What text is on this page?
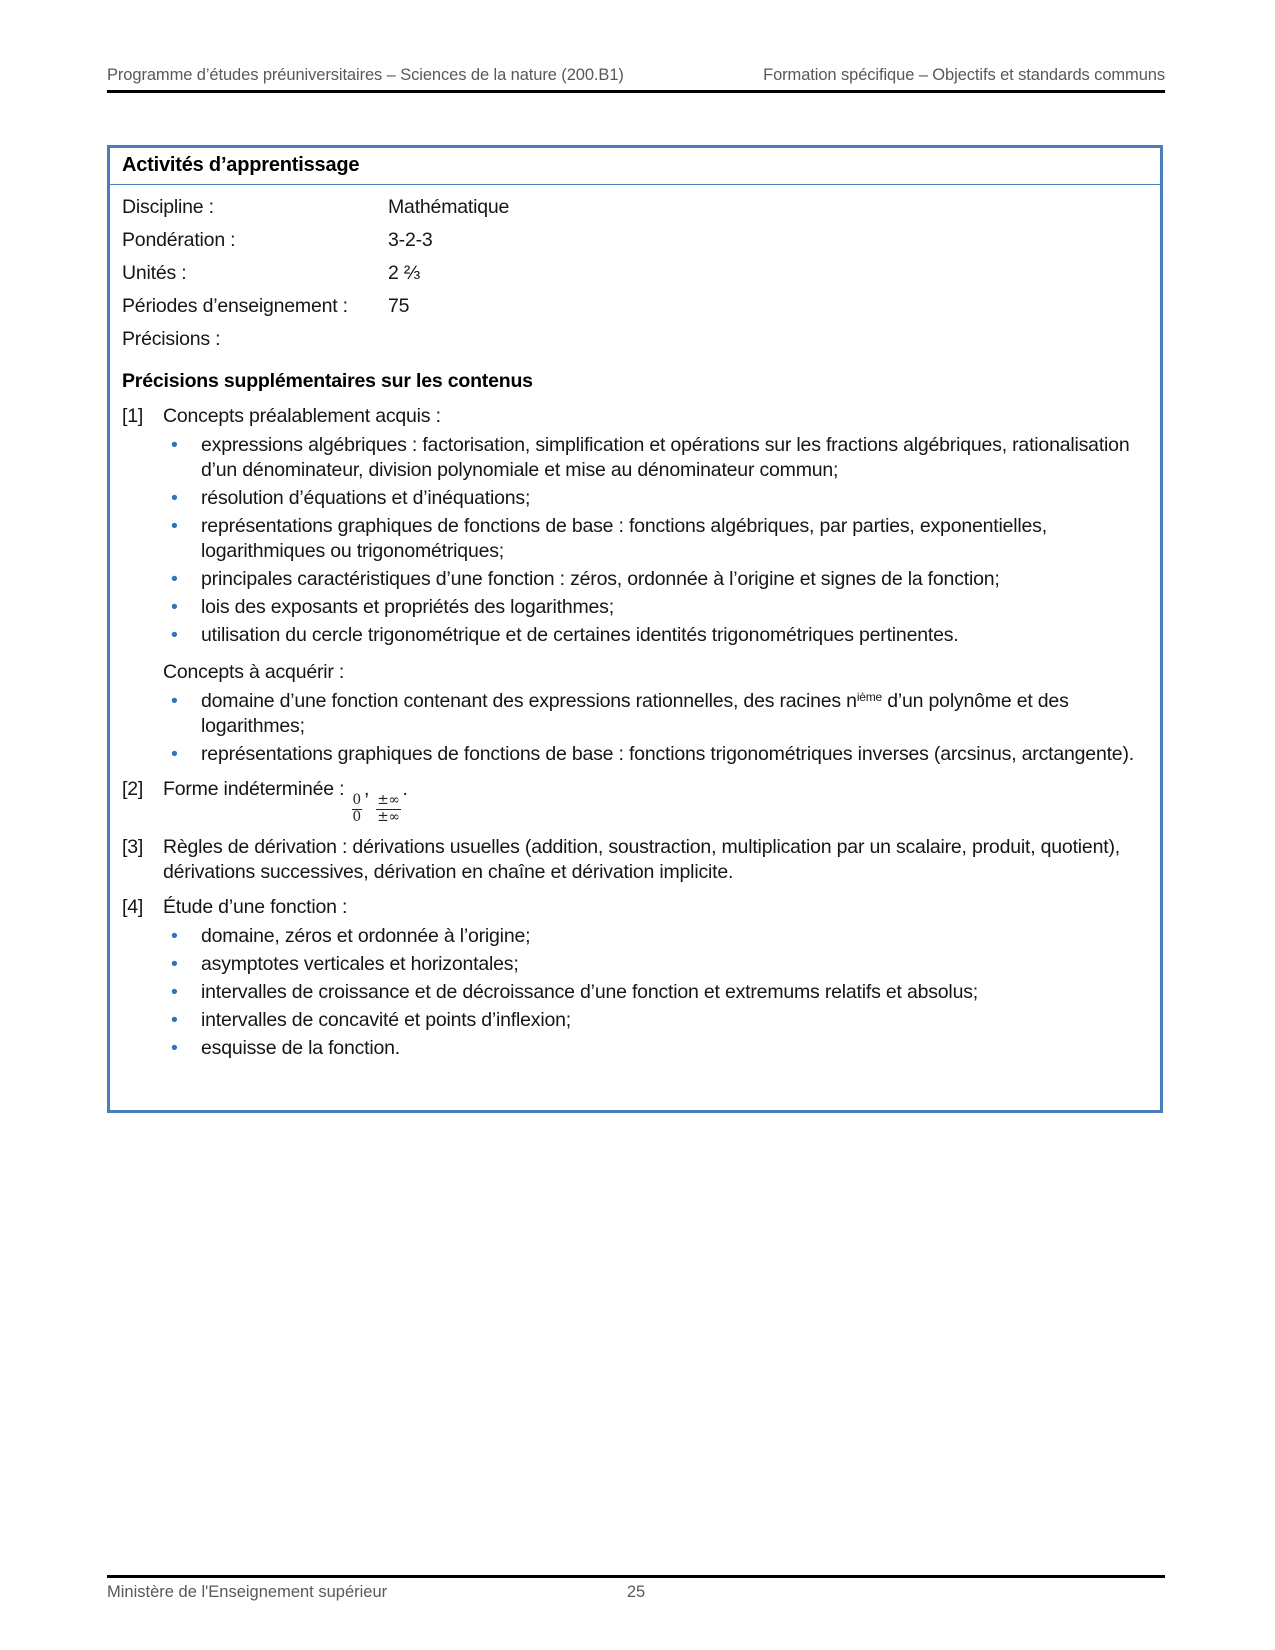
Programme d’études préuniversitaires – Sciences de la nature (200.B1)	Formation spécifique – Objectifs et standards communs
Activités d’apprentissage
Discipline :	Mathématique
Pondération :	3-2-3
Unités :	2 ⅔
Périodes d’enseignement :	75
Précisions :
Précisions supplémentaires sur les contenus
[1]	Concepts préalablement acquis :
•	expressions algébriques : factorisation, simplification et opérations sur les fractions algébriques, rationalisation d’un dénominateur, division polynomiale et mise au dénominateur commun;
•	résolution d’équations et d’inéquations;
•	représentations graphiques de fonctions de base : fonctions algébriques, par parties, exponentielles, logarithmiques ou trigonométriques;
•	principales caractéristiques d’une fonction : zéros, ordonnée à l’origine et signes de la fonction;
•	lois des exposants et propriétés des logarithmes;
•	utilisation du cercle trigonométrique et de certaines identités trigonométriques pertinentes.
Concepts à acquérir :
•	domaine d’une fonction contenant des expressions rationnelles, des racines $n^{ième}$ d’un polynôme et des logarithmes;
•	représentations graphiques de fonctions de base : fonctions trigonométriques inverses (arcsinus, arctangente).
[2]	Forme indéterminée :
$\frac{0}{0}$
,
$\frac{\pm\infty}{\pm\infty}$
.
[3]	Règles de dérivation : dérivations usuelles (addition, soustraction, multiplication par un scalaire, produit, quotient), dérivations successives, dérivation en chaîne et dérivation implicite.
[4]	Étude d’une fonction :
•	domaine, zéros et ordonnée à l’origine;
•	asymptotes verticales et horizontales;
•	intervalles de croissance et de décroissance d’une fonction et extremums relatifs et absolus;
•	intervalles de concavité et points d’inflexion;
•	esquisse de la fonction.
Ministère de l'Enseignement supérieur	25
